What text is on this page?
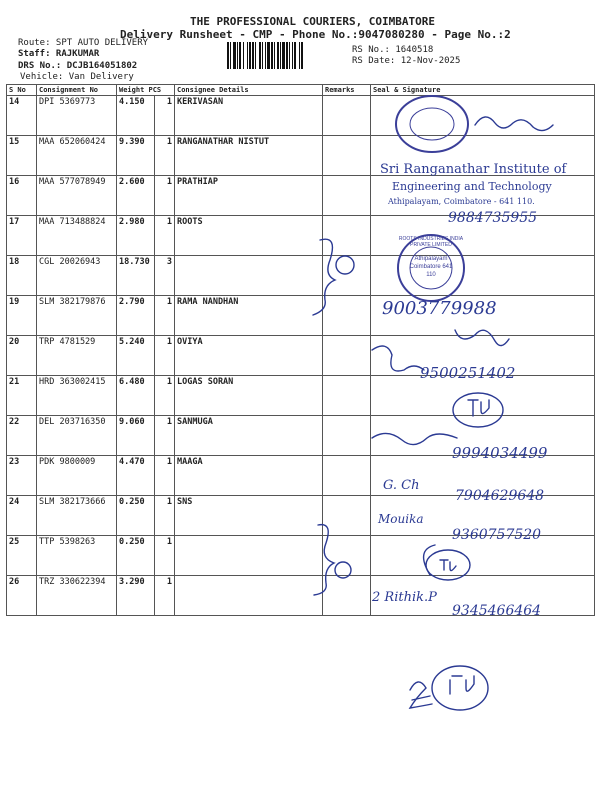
THE PROFESSIONAL COURIERS, COIMBATORE
Delivery Runsheet - CMP - Phone No.:9047080280 - Page No.:2
Route: SPT AUTO DELIVERY
Staff: RAJKUMAR
DRS No.: DCJB164051802
Vehicle: Van Delivery
RS No.: 1640518
RS Date: 12-Nov-2025
S No	Consignment No	Weight PCS		Consignee Details	Remarks	Seal & Signature
14	DPI 5369773	4.150	1	KERIVASAN		
15	MAA 652060424	9.390	1	RANGANATHAR NISTUT		
16	MAA 577078949	2.600	1	PRATHIAP		
17	MAA 713488824	2.980	1	ROOTS		
18	CGL 20026943	18.730	3			
19	SLM 382179876	2.790	1	RAMA NANDHAN		
20	TRP 4781529	5.240	1	OVIYA		
21	HRD 363002415	6.480	1	LOGAS SORAN		
22	DEL 203716350	9.060	1	SANMUGA		
23	PDK 9800009	4.470	1	MAAGA		
24	SLM 382173666	0.250	1	SNS		
25	TTP 5398263	0.250	1			
26	TRZ 330622394	3.290	1			
Athipalayam Coimbatore 641 110
ROOTS INDUSTRIES INDIA PRIVATE LIMITED
Sri Ranganathar Institute of
Engineering and Technology
Athipalayam, Coimbatore - 641 110.
9884735955
9003779988
9500251402
9994034499
7904629648
9360757520
9345466464
Mouika
2 Rithik.P
G. Ch
